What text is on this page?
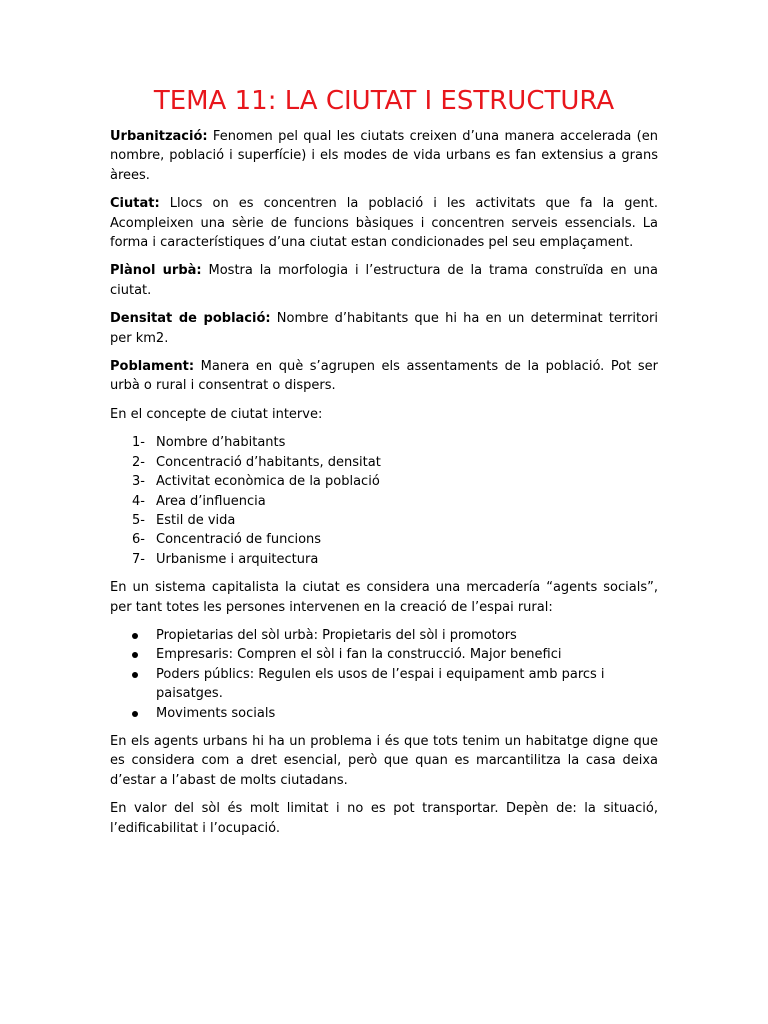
TEMA 11: LA CIUTAT I ESTRUCTURA

Urbanització: Fenomen pel qual les ciutats creixen d’una manera accelerada (en nombre, població i superfície) i els modes de vida urbans es fan extensius a grans àrees.

Ciutat: Llocs on es concentren la població i les activitats que fa la gent. Acompleixen una sèrie de funcions bàsiques i concentren serveis essencials. La forma i característiques d’una ciutat estan condicionades pel seu emplaçament.

Plànol urbà: Mostra la morfologia i l’estructura de la trama construïda en una ciutat.

Densitat de població: Nombre d’habitants que hi ha en un determinat territori per km2.

Poblament: Manera en què s’agrupen els assentaments de la població. Pot ser urbà o rural i consentrat o dispers.

En el concepte de ciutat interve:

1- Nombre d’habitants
2- Concentració d’habitants, densitat
3- Activitat econòmica de la població
4- Area d’influencia
5- Estil de vida
6- Concentració de funcions
7- Urbanisme i arquitectura

En un sistema capitalista la ciutat es considera una mercadería “agents socials”, per tant totes les persones intervenen en la creació de l’espai rural:

Propietarias del sòl urbà: Propietaris del sòl i promotors
Empresaris: Compren el sòl i fan la construcció. Major benefici
Poders públics: Regulen els usos de l’espai i equipament amb parcs i paisatges.
Moviments socials

En els agents urbans hi ha un problema i és que tots tenim un habitatge digne que es considera com a dret esencial, però que quan es marcantilitza la casa deixa d’estar a l’abast de molts ciutadans.

En valor del sòl és molt limitat i no es pot transportar. Depèn de: la situació, l’edificabilitat i l’ocupació.
